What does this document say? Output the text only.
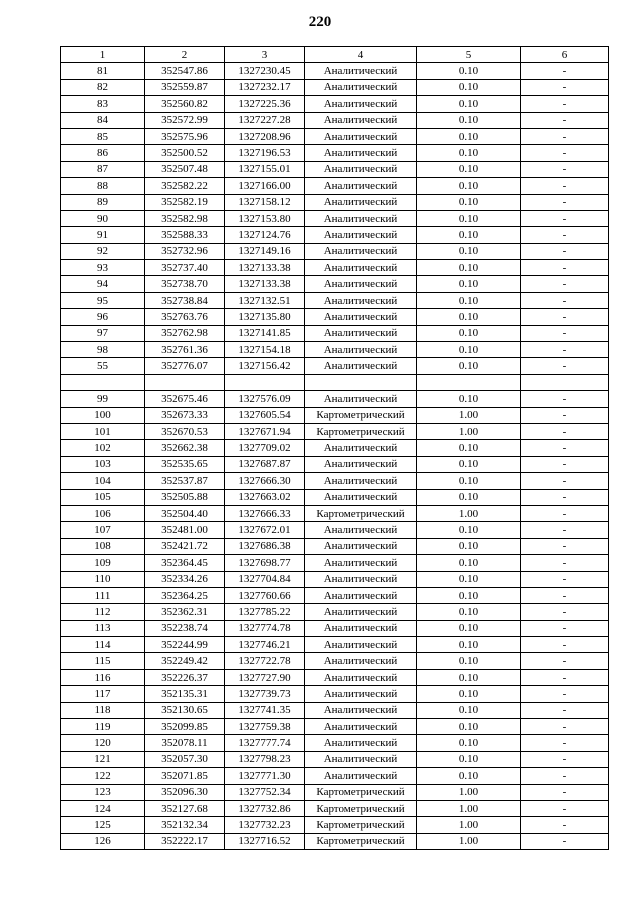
220
1	2	3	4	5	6
81	352547.86	1327230.45	Аналитический	0.10	-
82	352559.87	1327232.17	Аналитический	0.10	-
83	352560.82	1327225.36	Аналитический	0.10	-
84	352572.99	1327227.28	Аналитический	0.10	-
85	352575.96	1327208.96	Аналитический	0.10	-
86	352500.52	1327196.53	Аналитический	0.10	-
87	352507.48	1327155.01	Аналитический	0.10	-
88	352582.22	1327166.00	Аналитический	0.10	-
89	352582.19	1327158.12	Аналитический	0.10	-
90	352582.98	1327153.80	Аналитический	0.10	-
91	352588.33	1327124.76	Аналитический	0.10	-
92	352732.96	1327149.16	Аналитический	0.10	-
93	352737.40	1327133.38	Аналитический	0.10	-
94	352738.70	1327133.38	Аналитический	0.10	-
95	352738.84	1327132.51	Аналитический	0.10	-
96	352763.76	1327135.80	Аналитический	0.10	-
97	352762.98	1327141.85	Аналитический	0.10	-
98	352761.36	1327154.18	Аналитический	0.10	-
55	352776.07	1327156.42	Аналитический	0.10	-

99	352675.46	1327576.09	Аналитический	0.10	-
100	352673.33	1327605.54	Картометрический	1.00	-
101	352670.53	1327671.94	Картометрический	1.00	-
102	352662.38	1327709.02	Аналитический	0.10	-
103	352535.65	1327687.87	Аналитический	0.10	-
104	352537.87	1327666.30	Аналитический	0.10	-
105	352505.88	1327663.02	Аналитический	0.10	-
106	352504.40	1327666.33	Картометрический	1.00	-
107	352481.00	1327672.01	Аналитический	0.10	-
108	352421.72	1327686.38	Аналитический	0.10	-
109	352364.45	1327698.77	Аналитический	0.10	-
110	352334.26	1327704.84	Аналитический	0.10	-
111	352364.25	1327760.66	Аналитический	0.10	-
112	352362.31	1327785.22	Аналитический	0.10	-
113	352238.74	1327774.78	Аналитический	0.10	-
114	352244.99	1327746.21	Аналитический	0.10	-
115	352249.42	1327722.78	Аналитический	0.10	-
116	352226.37	1327727.90	Аналитический	0.10	-
117	352135.31	1327739.73	Аналитический	0.10	-
118	352130.65	1327741.35	Аналитический	0.10	-
119	352099.85	1327759.38	Аналитический	0.10	-
120	352078.11	1327777.74	Аналитический	0.10	-
121	352057.30	1327798.23	Аналитический	0.10	-
122	352071.85	1327771.30	Аналитический	0.10	-
123	352096.30	1327752.34	Картометрический	1.00	-
124	352127.68	1327732.86	Картометрический	1.00	-
125	352132.34	1327732.23	Картометрический	1.00	-
126	352222.17	1327716.52	Картометрический	1.00	-
